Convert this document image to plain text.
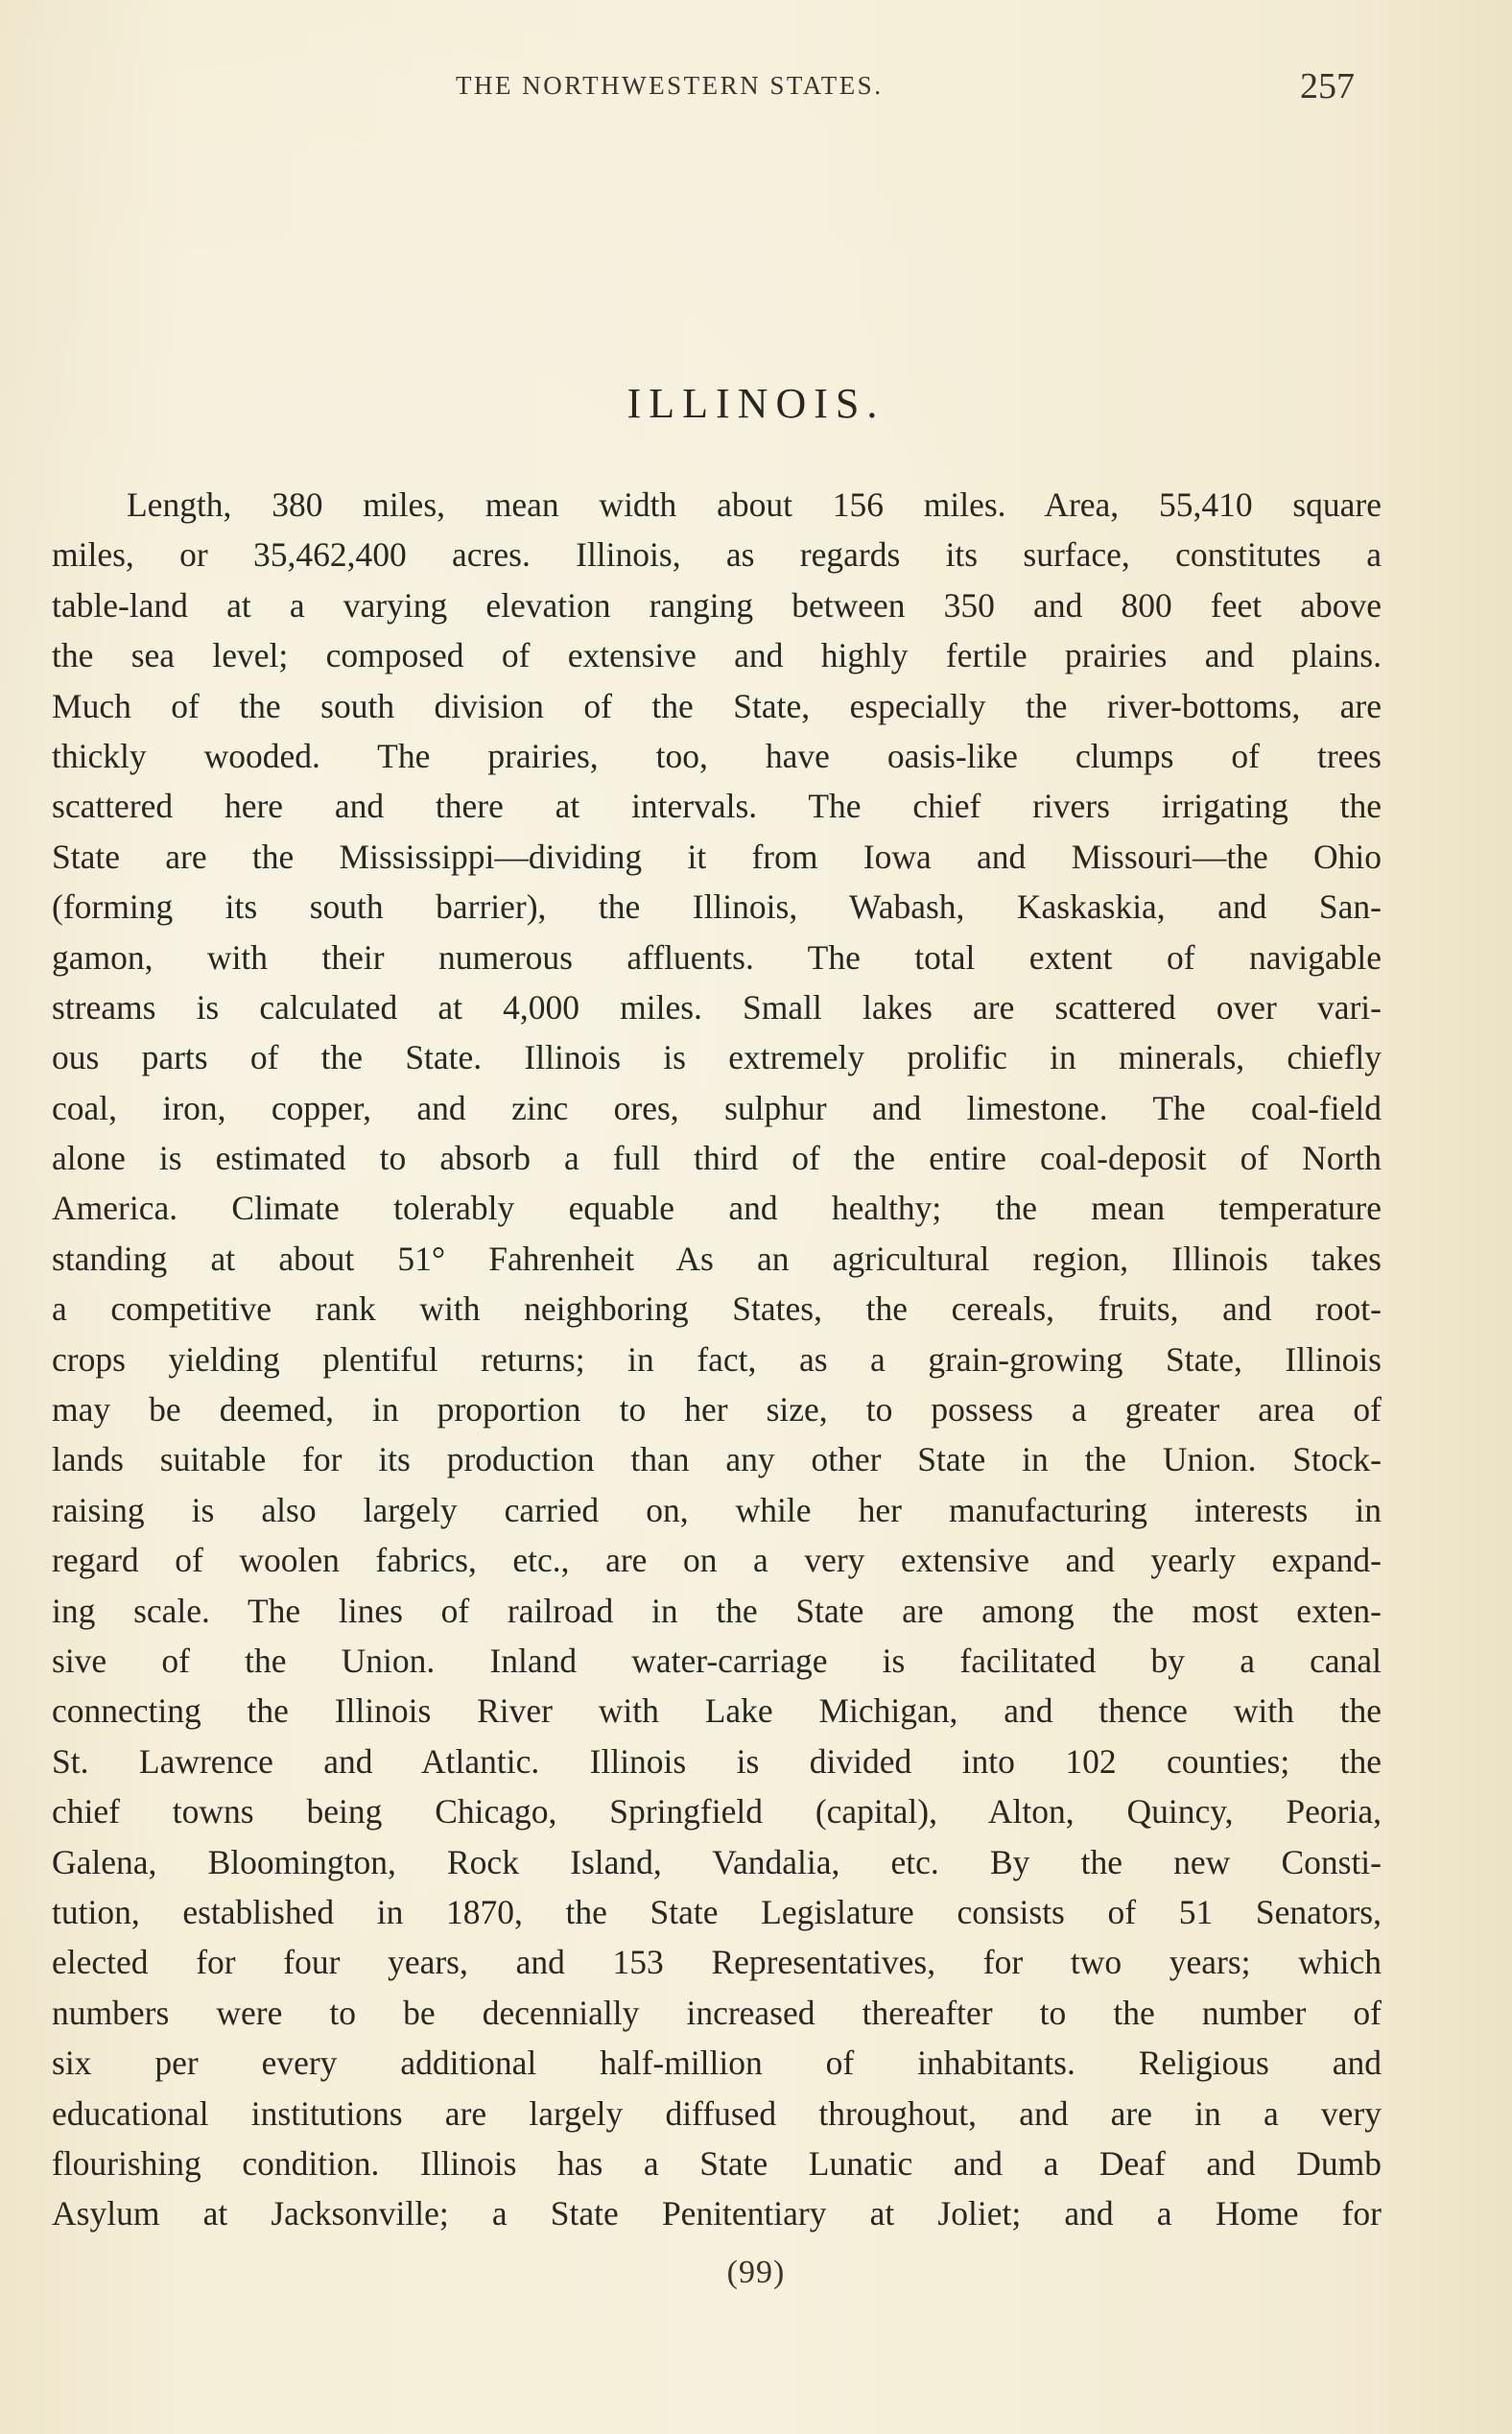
THE NORTHWESTERN STATES.	257
ILLINOIS.
Length, 380 miles, mean width about 156 miles. Area, 55,410 square
miles, or 35,462,400 acres. Illinois, as regards its surface, constitutes a
table-land at a varying elevation ranging between 350 and 800 feet above
the sea level; composed of extensive and highly fertile prairies and plains.
Much of the south division of the State, especially the river-bottoms, are
thickly wooded. The prairies, too, have oasis-like clumps of trees
scattered here and there at intervals. The chief rivers irrigating the
State are the Mississippi—dividing it from Iowa and Missouri—the Ohio
(forming its south barrier), the Illinois, Wabash, Kaskaskia, and San-
gamon, with their numerous affluents. The total extent of navigable
streams is calculated at 4,000 miles. Small lakes are scattered over vari-
ous parts of the State. Illinois is extremely prolific in minerals, chiefly
coal, iron, copper, and zinc ores, sulphur and limestone. The coal-field
alone is estimated to absorb a full third of the entire coal-deposit of North
America. Climate tolerably equable and healthy; the mean temperature
standing at about 51° Fahrenheit As an agricultural region, Illinois takes
a competitive rank with neighboring States, the cereals, fruits, and root-
crops yielding plentiful returns; in fact, as a grain-growing State, Illinois
may be deemed, in proportion to her size, to possess a greater area of
lands suitable for its production than any other State in the Union. Stock-
raising is also largely carried on, while her manufacturing interests in
regard of woolen fabrics, etc., are on a very extensive and yearly expand-
ing scale. The lines of railroad in the State are among the most exten-
sive of the Union. Inland water-carriage is facilitated by a canal
connecting the Illinois River with Lake Michigan, and thence with the
St. Lawrence and Atlantic. Illinois is divided into 102 counties; the
chief towns being Chicago, Springfield (capital), Alton, Quincy, Peoria,
Galena, Bloomington, Rock Island, Vandalia, etc. By the new Consti-
tution, established in 1870, the State Legislature consists of 51 Senators,
elected for four years, and 153 Representatives, for two years; which
numbers were to be decennially increased thereafter to the number of
six per every additional half-million of inhabitants. Religious and
educational institutions are largely diffused throughout, and are in a very
flourishing condition. Illinois has a State Lunatic and a Deaf and Dumb
Asylum at Jacksonville; a State Penitentiary at Joliet; and a Home for
(99)
